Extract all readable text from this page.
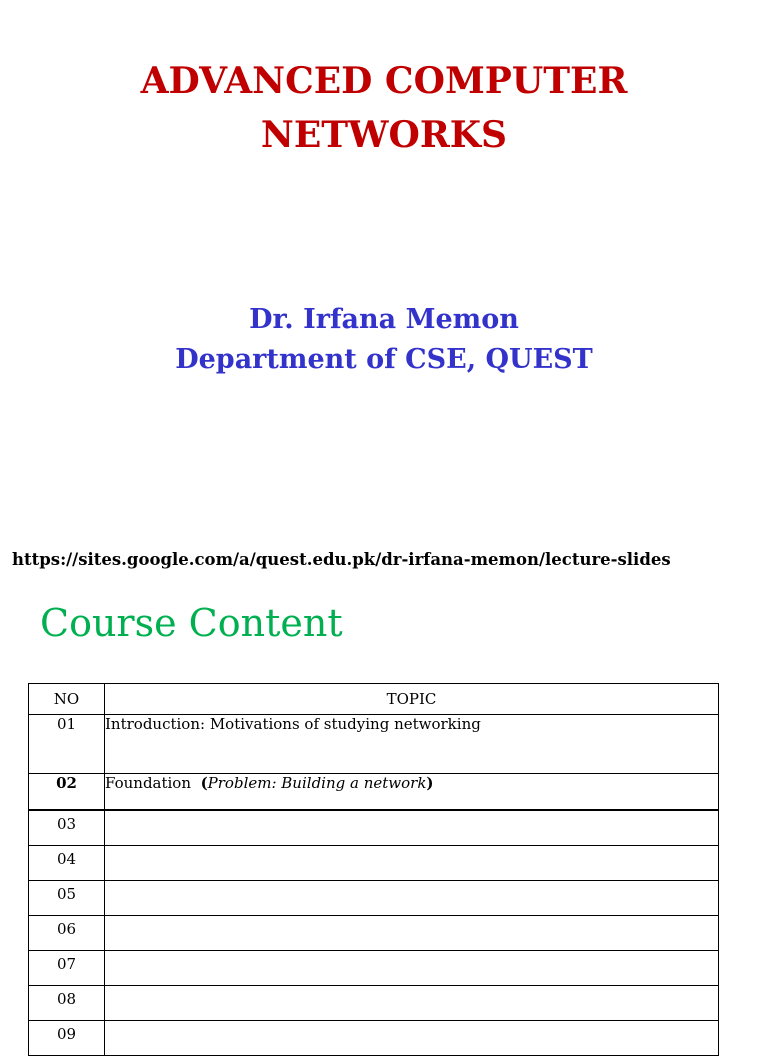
ADVANCED COMPUTER
NETWORKS
Dr. Irfana Memon
Department of CSE, QUEST
https://sites.google.com/a/quest.edu.pk/dr-irfana-memon/lecture-slides
Course Content
NO	TOPIC
01	Introduction: Motivations of studying networking
02	Foundation (Problem: Building a network)
03	
04	
05	
06	
07	
08	
09	
